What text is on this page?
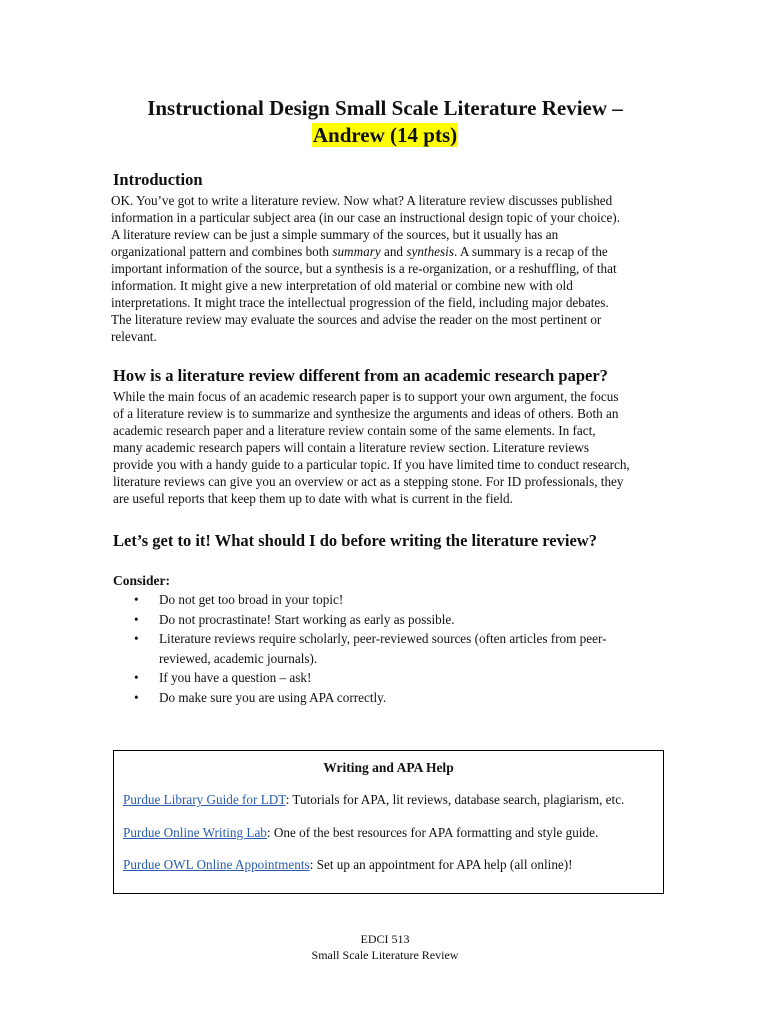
Instructional Design Small Scale Literature Review –
Andrew (14 pts)
Introduction
OK. You’ve got to write a literature review. Now what? A literature review discusses published
information in a particular subject area (in our case an instructional design topic of your choice).
A literature review can be just a simple summary of the sources, but it usually has an
organizational pattern and combines both summary and synthesis. A summary is a recap of the
important information of the source, but a synthesis is a re-organization, or a reshuffling, of that
information. It might give a new interpretation of old material or combine new with old
interpretations. It might trace the intellectual progression of the field, including major debates.
The literature review may evaluate the sources and advise the reader on the most pertinent or
relevant.
How is a literature review different from an academic research paper?
While the main focus of an academic research paper is to support your own argument, the focus
of a literature review is to summarize and synthesize the arguments and ideas of others. Both an
academic research paper and a literature review contain some of the same elements. In fact,
many academic research papers will contain a literature review section. Literature reviews
provide you with a handy guide to a particular topic. If you have limited time to conduct research,
literature reviews can give you an overview or act as a stepping stone. For ID professionals, they
are useful reports that keep them up to date with what is current in the field.
Let’s get to it! What should I do before writing the literature review?
Consider:
• Do not get too broad in your topic!
• Do not procrastinate! Start working as early as possible.
• Literature reviews require scholarly, peer-reviewed sources (often articles from peer-
reviewed, academic journals).
• If you have a question – ask!
• Do make sure you are using APA correctly.
Writing and APA Help
Purdue Library Guide for LDT: Tutorials for APA, lit reviews, database search, plagiarism, etc.
Purdue Online Writing Lab: One of the best resources for APA formatting and style guide.
Purdue OWL Online Appointments: Set up an appointment for APA help (all online)!
EDCI 513
Small Scale Literature Review
